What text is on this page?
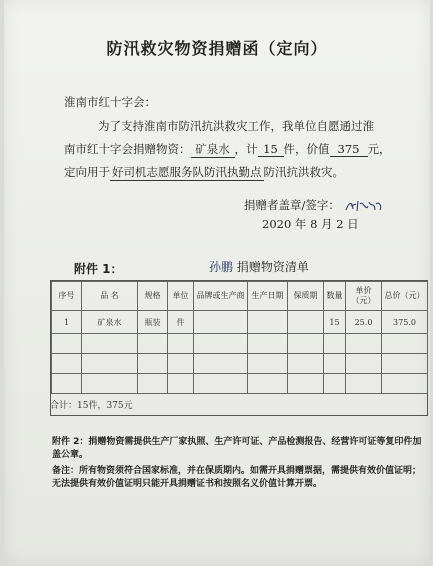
防汛救灾物资捐赠函（定向）
淮南市红十字会：
为了支持淮南市防汛抗洪救灾工作，我单位自愿通过淮
南市红十字会捐赠物资： 矿泉水 ，计 15 件，价值 375 元，
定向用于 好司机志愿服务队防汛执勤点 防汛抗洪救灾。
捐赠者盖章/签字：
2020 年 8 月 2 日
附件 1：	孙鹏 捐赠物资清单
序号	品 名	规格	单位	品牌或生产商	生产日期	保质期	数量	单价（元）	总价（元）
1	矿泉水	瓶装	件				15	25.0	375.0

合计：15件，375元
附件 2：捐赠物资需提供生产厂家执照、生产许可证、产品检测报告、经营许可证等复印件加盖公章。
备注：所有物资须符合国家标准，并在保质期内。如需开具捐赠票据，需提供有效价值证明；无法提供有效价值证明只能开具捐赠证书和按照名义价值计算开票。
